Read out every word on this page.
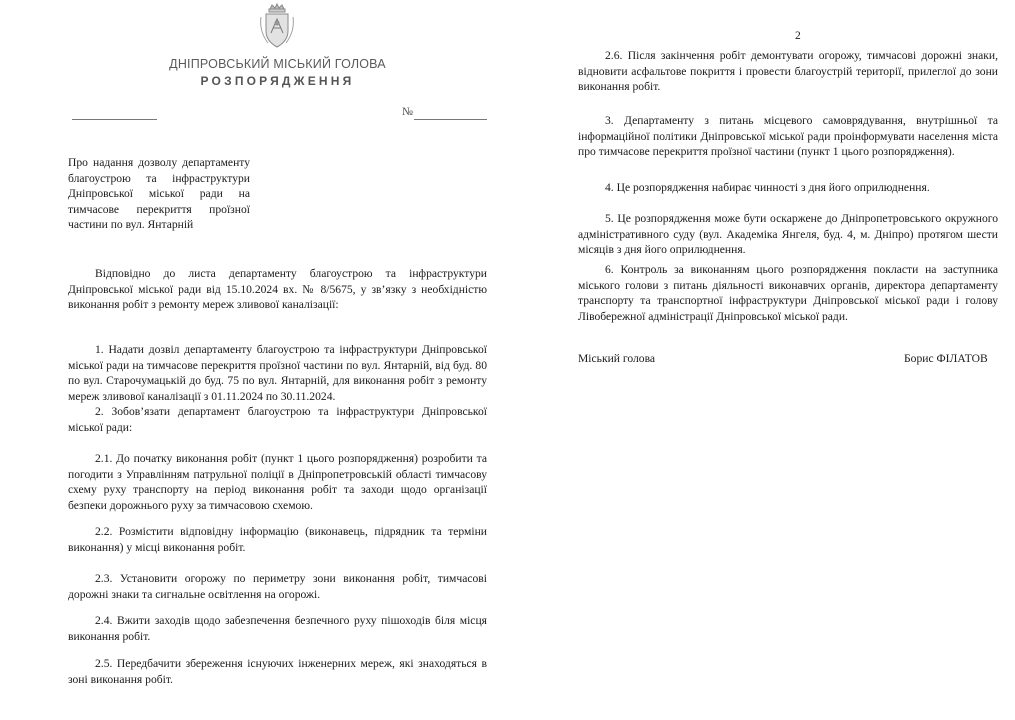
ДНІПРОВСЬКИЙ МІСЬКИЙ ГОЛОВА
РОЗПОРЯДЖЕННЯ
№
Про надання дозволу департаменту благоустрою та інфраструктури Дніпровської міської ради на тимчасове перекриття проїзної частини по вул. Янтарній

Відповідно до листа департаменту благоустрою та інфраструктури Дніпровської міської ради від 15.10.2024 вх. № 8/5675, у зв’язку з необхідністю виконання робіт з ремонту мереж зливової каналізації:

1. Надати дозвіл департаменту благоустрою та інфраструктури Дніпровської міської ради на тимчасове перекриття проїзної частини по вул. Янтарній, від буд. 80 по вул. Старочумацькій до буд. 75 по вул. Янтарній, для виконання робіт з ремонту мереж зливової каналізації з 01.11.2024 по 30.11.2024.

2. Зобов’язати департамент благоустрою та інфраструктури Дніпровської міської ради:

2.1. До початку виконання робіт (пункт 1 цього розпорядження) розробити та погодити з Управлінням патрульної поліції в Дніпропетровській області тимчасову схему руху транспорту на період виконання робіт та заходи щодо організації безпеки дорожнього руху за тимчасовою схемою.

2.2. Розмістити відповідну інформацію (виконавець, підрядник та терміни виконання) у місці виконання робіт.

2.3. Установити огорожу по периметру зони виконання робіт, тимчасові дорожні знаки та сигнальне освітлення на огорожі.

2.4. Вжити заходів щодо забезпечення безпечного руху пішоходів біля місця виконання робіт.

2.5. Передбачити збереження існуючих інженерних мереж, які знаходяться в зоні виконання робіт.

2

2.6. Після закінчення робіт демонтувати огорожу, тимчасові дорожні знаки, відновити асфальтове покриття і провести благоустрій території, прилеглої до зони виконання робіт.

3. Департаменту з питань місцевого самоврядування, внутрішньої та інформаційної політики Дніпровської міської ради проінформувати населення міста про тимчасове перекриття проїзної частини (пункт 1 цього розпорядження).

4. Це розпорядження набирає чинності з дня його оприлюднення.

5. Це розпорядження може бути оскаржене до Дніпропетровського окружного адміністративного суду (вул. Академіка Янгеля, буд. 4, м. Дніпро) протягом шести місяців з дня його оприлюднення.

6. Контроль за виконанням цього розпорядження покласти на заступника міського голови з питань діяльності виконавчих органів, директора департаменту транспорту та транспортної інфраструктури Дніпровської міської ради і голову Лівобережної адміністрації Дніпровської міської ради.

Міський голова	Борис ФІЛАТОВ
